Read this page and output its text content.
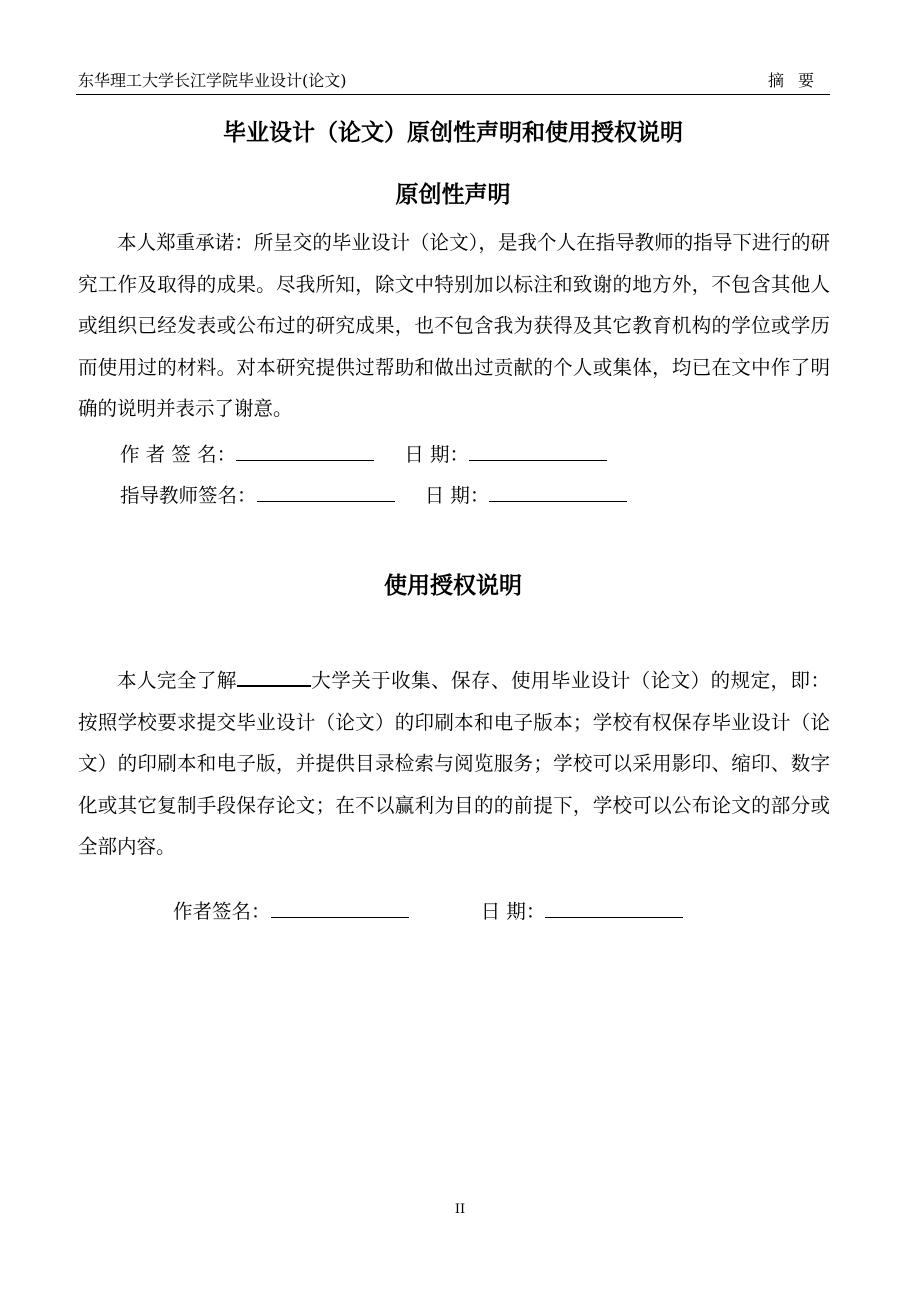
东华理工大学长江学院毕业设计(论文)	摘要
毕业设计（论文）原创性声明和使用授权说明
原创性声明

本人郑重承诺：所呈交的毕业设计（论文），是我个人在指导教师的指导下进行的研究工作及取得的成果。尽我所知，除文中特别加以标注和致谢的地方外，不包含其他人或组织已经发表或公布过的研究成果，也不包含我为获得及其它教育机构的学位或学历而使用过的材料。对本研究提供过帮助和做出过贡献的个人或集体，均已在文中作了明确的说明并表示了谢意。

作 者 签 名：	日 期：
指导教师签名：	日 期：
使用授权说明

本人完全了解	大学关于收集、保存、使用毕业设计（论文）的规定，即：按照学校要求提交毕业设计（论文）的印刷本和电子版本；学校有权保存毕业设计（论文）的印刷本和电子版，并提供目录检索与阅览服务；学校可以采用影印、缩印、数字化或其它复制手段保存论文；在不以赢利为目的的前提下，学校可以公布论文的部分或全部内容。

作者签名：	日 期：
II
